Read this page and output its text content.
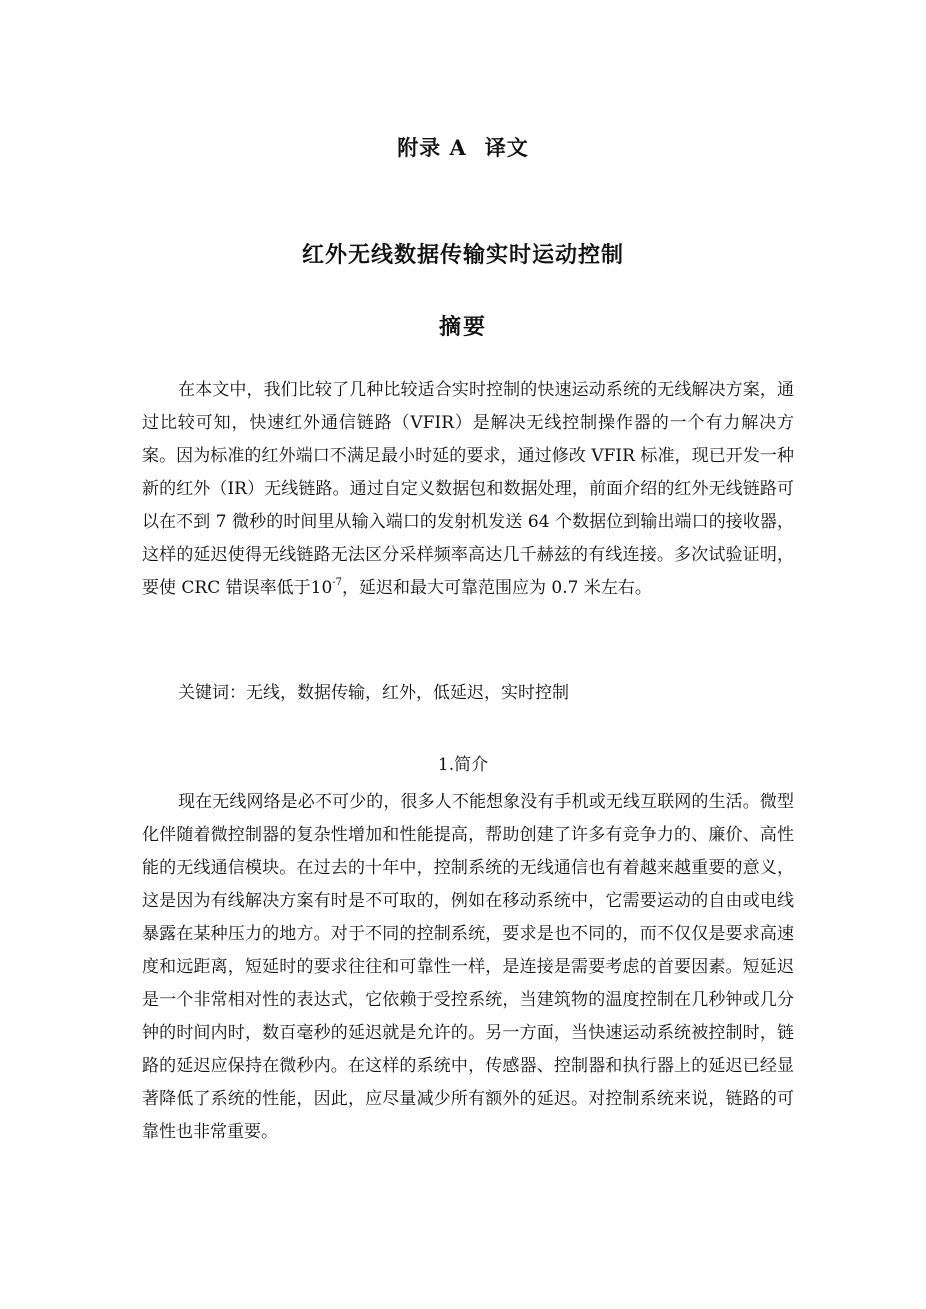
附录 A 译文
红外无线数据传输实时运动控制
摘要

在本文中，我们比较了几种比较适合实时控制的快速运动系统的无线解决方案，通过比较可知，快速红外通信链路（VFIR）是解决无线控制操作器的一个有力解决方案。因为标准的红外端口不满足最小时延的要求，通过修改 VFIR 标准，现已开发一种新的红外（IR）无线链路。通过自定义数据包和数据处理，前面介绍的红外无线链路可以在不到 7 微秒的时间里从输入端口的发射机发送 64 个数据位到输出端口的接收器，这样的延迟使得无线链路无法区分采样频率高达几千赫兹的有线连接。多次试验证明，要使 CRC 错误率低于$10^{-7}$，延迟和最大可靠范围应为 0.7 米左右。

关键词：无线，数据传输，红外，低延迟，实时控制
1.简介

现在无线网络是必不可少的，很多人不能想象没有手机或无线互联网的生活。微型化伴随着微控制器的复杂性增加和性能提高，帮助创建了许多有竞争力的、廉价、高性能的无线通信模块。在过去的十年中，控制系统的无线通信也有着越来越重要的意义，这是因为有线解决方案有时是不可取的，例如在移动系统中，它需要运动的自由或电线暴露在某种压力的地方。对于不同的控制系统，要求是也不同的，而不仅仅是要求高速度和远距离，短延时的要求往往和可靠性一样，是连接是需要考虑的首要因素。短延迟是一个非常相对性的表达式，它依赖于受控系统，当建筑物的温度控制在几秒钟或几分钟的时间内时，数百毫秒的延迟就是允许的。另一方面，当快速运动系统被控制时，链路的延迟应保持在微秒内。在这样的系统中，传感器、控制器和执行器上的延迟已经显著降低了系统的性能，因此，应尽量减少所有额外的延迟。对控制系统来说，链路的可靠性也非常重要。
